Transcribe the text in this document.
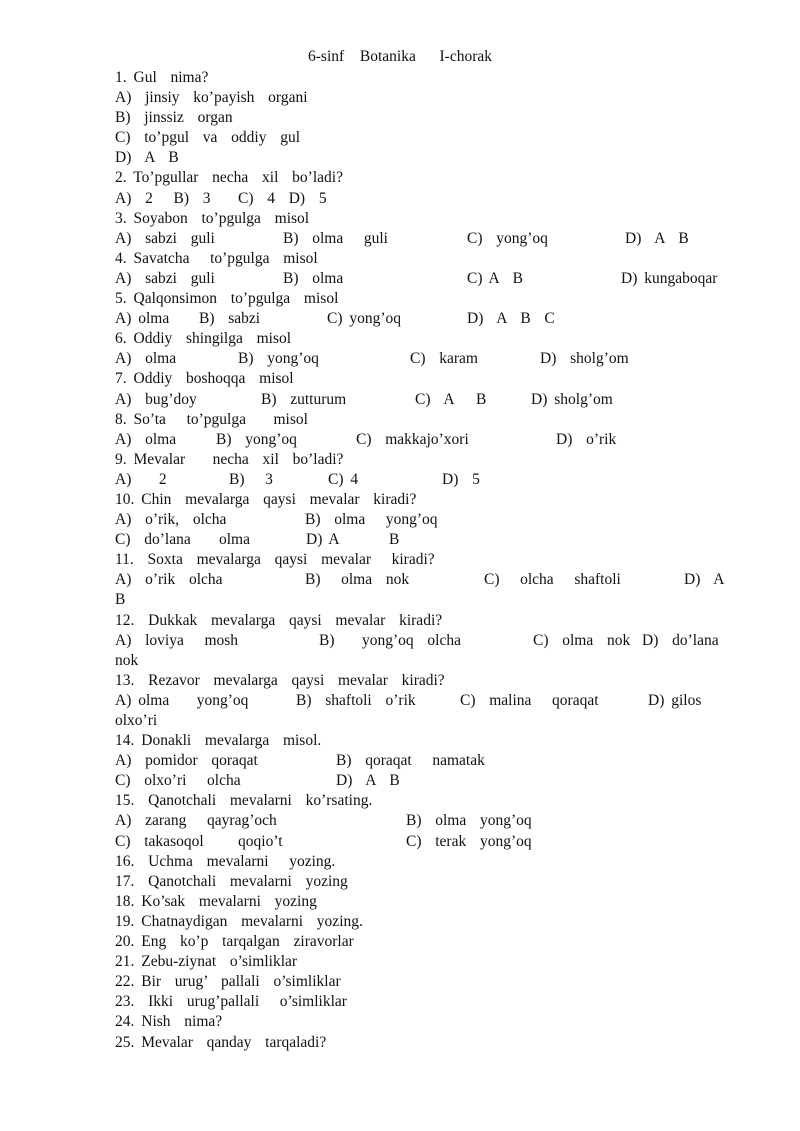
6-sinf  Botanika   I-chorak
1. Gul  nima?
A)  jinsiy  ko’payish  organi
B)  jinssiz  organ
C)  to’pgul  va  oddiy  gul
D)  A  B
2. To’pgullar  necha  xil  bo’ladi?
A)  2   B)  3    C)  4  D)  5
3. Soyabon  to’pgulga  misol
A)  sabzi  guli	B)  olma   guli	C)  yong’oq	D)  A  B
4. Savatcha   to’pgulga  misol
A)  sabzi  guli	B)  olma	C) A  B	D) kungaboqar
5. Qalqonsimon  to’pgulga  misol
A) olma B)  sabzi	C) yong’oq	D)  A  B  C
6. Oddiy  shingilga  misol
A)  olma	B)  yong’oq	C)  karam	D)  sholg’om
7. Oddiy  boshoqqa  misol
A)  bug’doy	B)  zutturum	C)  A B	D) sholg’om
8. So’ta   to’pgulga    misol
A)  olma	B)  yong’oq	C)  makkajo’xori	D)  o’rik
9. Mevalar    necha  xil  bo’ladi?
A)    2	B)   3	C) 4	D)  5
10. Chin  mevalarga  qaysi  mevalar  kiradi?
A)  o’rik,  olcha	B)  olma   yong’oq
C)  do’lana olma	D) A	B
11.  Soxta  mevalarga  qaysi  mevalar   kiradi?
A)  o’rik  olcha	B)   olma  nok	C)   olcha   shaftoli	D)  A
B
12.  Dukkak  mevalarga  qaysi  mevalar  kiradi?
A)  loviya   mosh	B)    yong’oq  olcha	C)  olma  nok D)  do’lana
nok
13.  Rezavor  mevalarga  qaysi  mevalar  kiradi?
A) olma    yong’oq	B)  shaftoli  o’rik	C)  malina   qoraqat	D) gilos
olxo’ri
14. Donakli  mevalarga  misol.
A)  pomidor  qoraqat	B)  qoraqat   namatak
C)  olxo’ri   olcha	D)  A  B
15.  Qanotchali  mevalarni  ko’rsating.
A)  zarang   qayrag’och	B)  olma  yong’oq
C)  takasoqol     qoqio’t	C)  terak  yong’oq
16.  Uchma  mevalarni   yozing.
17.  Qanotchali  mevalarni  yozing
18. Ko’sak  mevalarni  yozing
19. Chatnaydigan  mevalarni  yozing.
20. Eng  ko’p  tarqalgan  ziravorlar
21. Zebu-ziynat  o’simliklar
22. Bir  urug’  pallali  o’simliklar
23.  Ikki  urug’pallali   o’simliklar
24. Nish  nima?
25. Mevalar  qanday  tarqaladi?
